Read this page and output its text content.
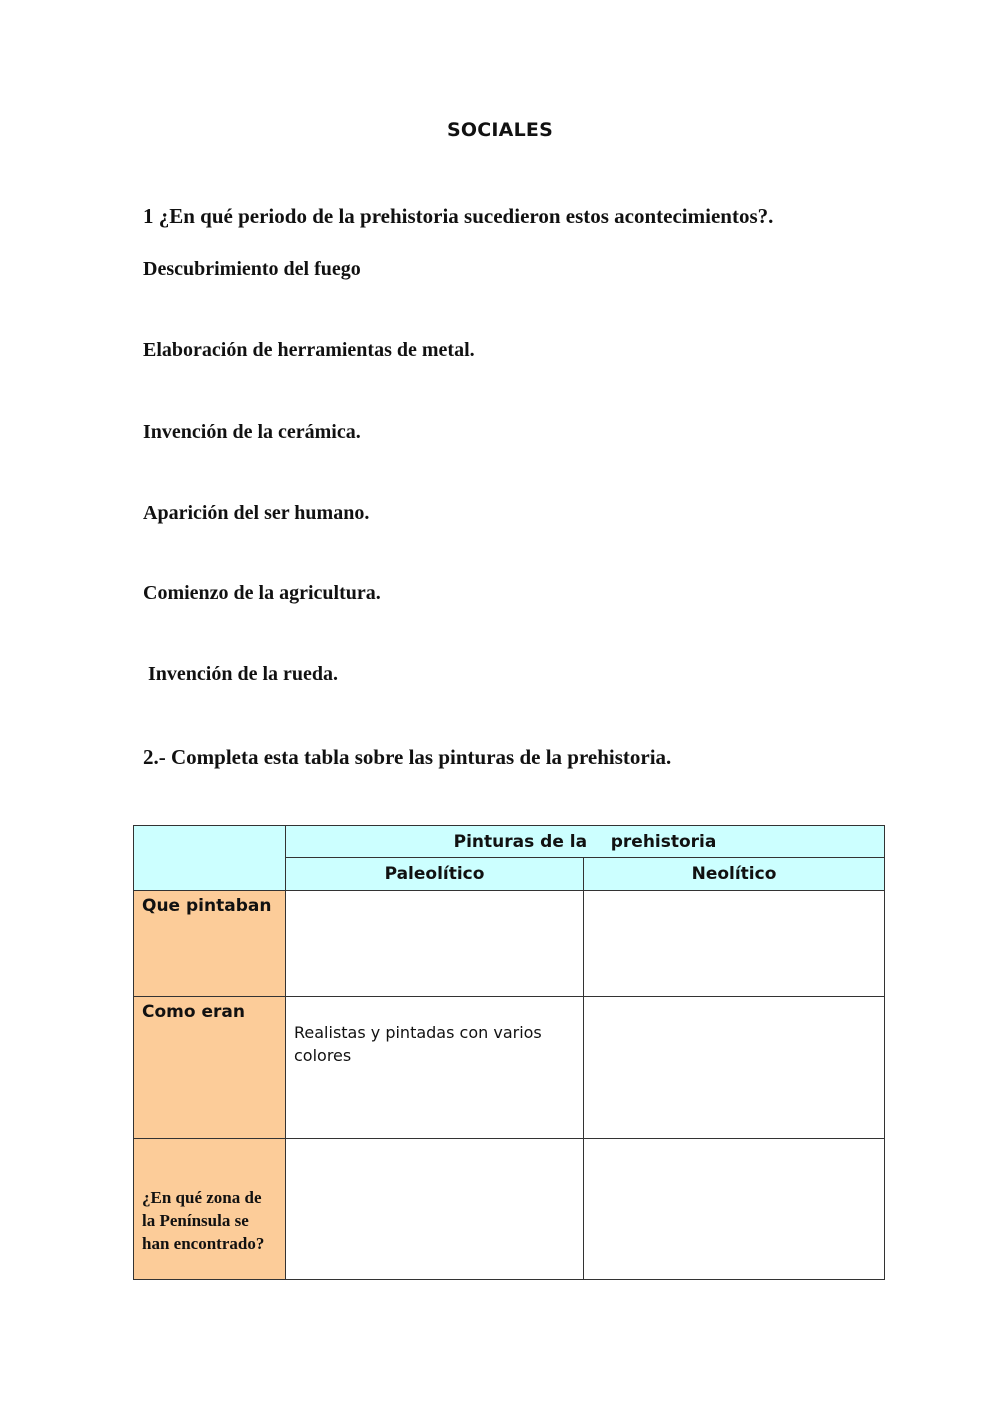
SOCIALES
1 ¿En qué periodo de la prehistoria sucedieron estos acontecimientos?.
Descubrimiento del fuego
Elaboración de herramientas de metal.
Invención de la cerámica.
Aparición del ser humano.
Comienzo de la agricultura.
Invención de la rueda.
2.- Completa esta tabla sobre las pinturas de la prehistoria.
	Pinturas de la    prehistoria	
	Paleolítico	Neolítico
Que pintaban	

Como eran	Realistas y pintadas con varios colores	

¿En qué zona de la Península se han encontrado?	
